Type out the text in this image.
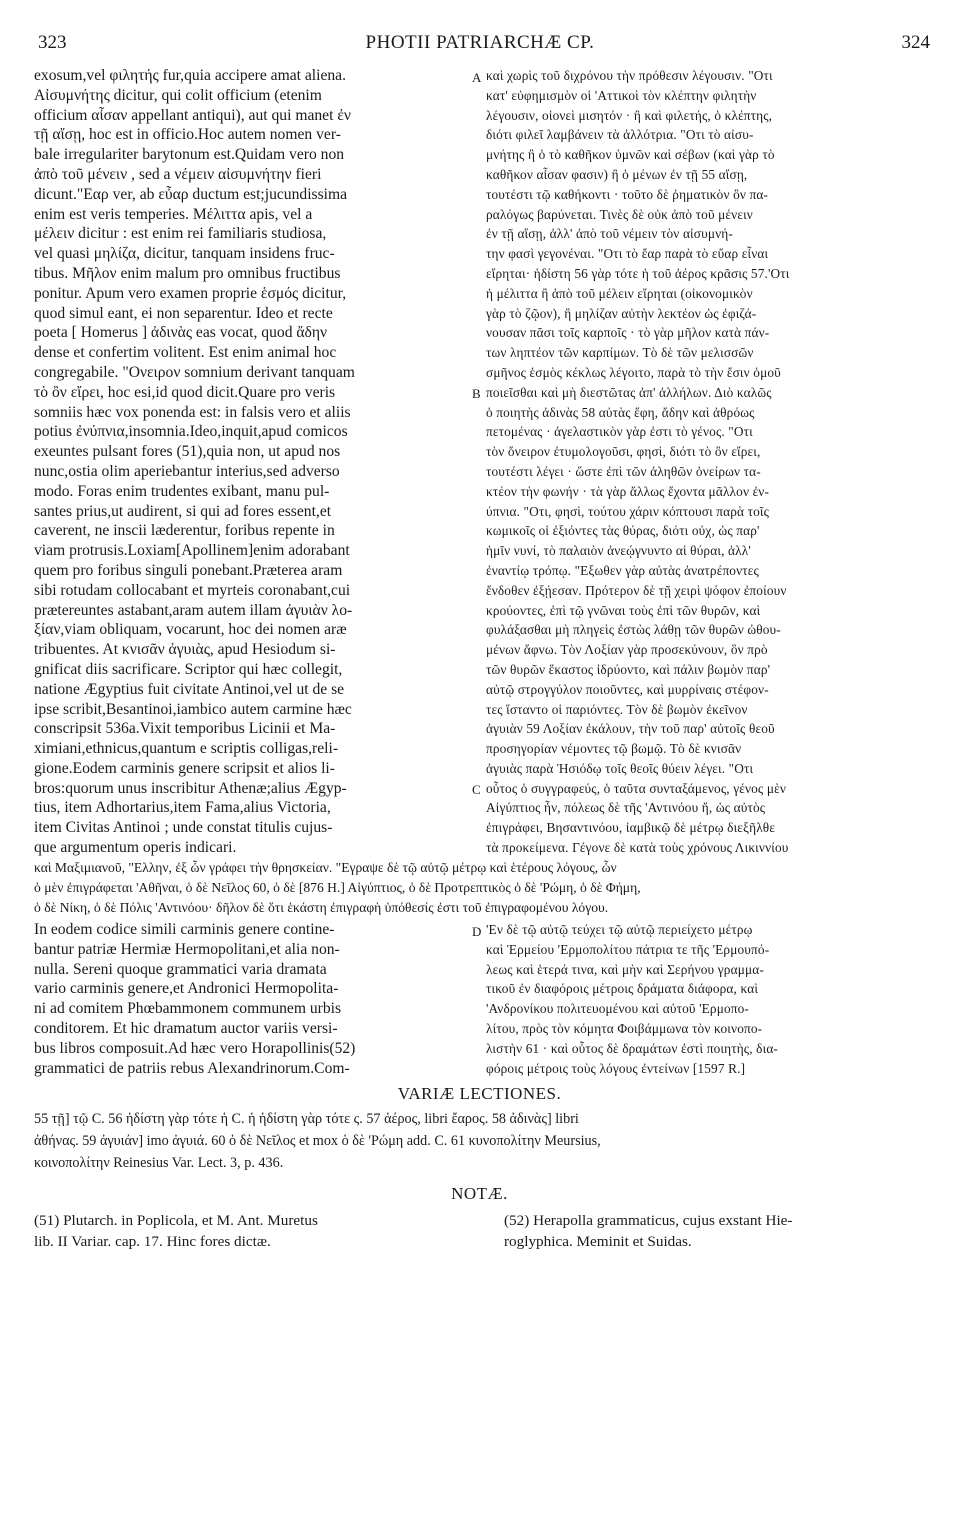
323	PHOTII PATRIARCHÆ CP.	324
exosum,vel φιλητής fur,quia accipere amat aliena.
Αἰσυμνήτης dicitur, qui colit officium (etenim
officium αἶσαν appellant antiqui), aut qui manet ἐν
τῇ αἴσῃ, hoc est in officio.Hoc autem nomen ver-
bale irregulariter barytonum est.Quidam vero non
ἀπὸ τοῦ μένειν , sed a νέμειν αἰσυμνήτην fieri
dicunt."Εαρ ver, ab εὖαρ ductum est;jucundissima
enim est veris temperies. Μέλιττα apis, vel a
μέλειν dicitur : est enim rei familiaris studiosa,
vel quasi μηλίζα, dicitur, tanquam insidens fruc-
tibus. Μῆλον enim malum pro omnibus fructibus
ponitur. Apum vero examen proprie ἑσμός dicitur,
quod simul eant, ei non separentur. Ideo et recte
poeta [ Homerus ] ἀδινὰς eas vocat, quod ἄδην
dense et confertim volitent. Est enim animal hoc
congregabile. "Ονειρον somnium derivant tanquam
τὸ ὂν εἴρει, hoc esi,id quod dicit.Quare pro veris
somniis hæc vox ponenda est: in falsis vero et aliis
potius ἐνύπνια,insomnia.Ideo,inquit,apud comicos
exeuntes pulsant fores (51),quia non, ut apud nos
nunc,ostia olim aperiebantur interius,sed adverso
modo. Foras enim trudentes exibant, manu pul-
santes prius,ut audirent, si qui ad fores essent,et
caverent, ne inscii læderentur, foribus repente in
viam protrusis.Loxiam[Apollinem]enim adorabant
quem pro foribus singuli ponebant.Præterea aram
sibi rotudam collocabant et myrteis coronabant,cui
prætereuntes astabant,aram autem illam ἀγυιὰν λο-
ξίαν,viam obliquam, vocarunt, hoc dei nomen aræ
tribuentes. At κνισᾶν ἀγυιὰς, apud Hesiodum si-
gnificat diis sacrificare. Scriptor qui hæc collegit,
natione Ægyptius fuit civitate Antinoi,vel ut de se
ipse scribit,Besantinoi,iambico autem carmine hæc
conscripsit 536a.Vixit temporibus Licinii et Ma-
ximiani,ethnicus,quantum e scriptis colligas,reli-
gione.Eodem carminis genere scripsit et alios li-
bros:quorum unus inscribitur Athenæ;alius Ægyp-
tius, item Adhortarius,item Fama,alius Victoria,
item Civitas Antinoi ; unde constat titulis cujus-
que argumentum operis indicari.
καὶ χωρὶς τοῦ διχρόνου τὴν πρόθεσιν λέγουσιν. "Οτι
κατ' εὐφημισμὸν οἱ 'Αττικοὶ τὸν κλέπτην φιλητὴν
λέγουσιν, οἱονεὶ μισητόν · ἢ καὶ φιλετής, ὁ κλέπτης,
διότι φιλεῖ λαμβάνειν τὰ ἀλλότρια. "Οτι τὸ αἰσυ-
μνήτης ἢ ὁ τὸ καθῆκον ὑμνῶν καὶ σέβων (καὶ γὰρ τὸ
καθῆκον αἶσαν φασιν) ἢ ὁ μένων ἐν τῇ 55 αἴσῃ,
τουτέστι τῷ καθήκοντι · τοῦτο δὲ ῥηματικὸν ὂν πα-
ραλόγως βαρύνεται. Τινὲς δὲ οὐκ ἀπὸ τοῦ μένειν
ἐν τῇ αἴσῃ, ἀλλ' ἀπὸ τοῦ νέμειν τὸν αἰσυμνή-
την φασὶ γεγονέναι. "Οτι τὸ ἔαρ παρὰ τὸ εὔαρ εἶναι
εἴρηται· ἡδίστη 56 γὰρ τότε ἡ τοῦ ἀέρος κρᾶσις 57.'Οτι
ἡ μέλιττα ἢ ἀπὸ τοῦ μέλειν εἴρηται (οἰκονομικὸν
γὰρ τὸ ζῷον), ἢ μηλίζαν αὐτὴν λεκτέον ὡς ἐφιζά-
νουσαν πᾶσι τοῖς καρποῖς · τὸ γὰρ μῆλον κατὰ πάν-
των ληπτέον τῶν καρπίμων. Τὸ δὲ τῶν μελισσῶν
σμῆνος ἑσμὸς κέκλως λέγοιτο, παρὰ τὸ τὴν ἔσιν ὁμοῦ
ποιεῖσθαι καὶ μὴ διεστῶτας ἀπ' ἀλλήλων. Διὸ καλῶς
ὁ ποιητὴς ἀδινὰς 58 αὐτὰς ἔφη, ἄδην καὶ ἀθρόως
πετομένας · ἀγελαστικὸν γὰρ ἐστι τὸ γένος. "Οτι
τὸν ὄνειρον ἐτυμολογοῦσι, φησὶ, διότι τὸ ὂν εἴρει,
τουτέστι λέγει · ὥστε ἐπὶ τῶν ἀληθῶν ὀνείρων τα-
κτέον τὴν φωνήν · τὰ γὰρ ἄλλως ἔχοντα μᾶλλον ἐν-
ύπνια. "Οτι, φησὶ, τούτου χάριν κόπτουσι παρὰ τοῖς
κωμικοῖς οἱ ἐξιόντες τὰς θύρας, διότι οὐχ, ὡς παρ'
ἡμῖν νυνί, τὸ παλαιὸν ἀνεῴγνυντο αἱ θύραι, ἀλλ'
ἐναντίῳ τρόπῳ. "Εξωθεν γὰρ αὐτὰς ἀνατρέποντες
ἔνδοθεν ἐξῄεσαν. Πρότερον δὲ τῇ χειρὶ ψόφον ἐποίουν
κρούοντες, ἐπὶ τῷ γνῶναι τοὺς ἐπὶ τῶν θυρῶν, καὶ
φυλάξασθαι μὴ πληγεὶς ἐστὼς λάθῃ τῶν θυρῶν ὠθου-
μένων ἄφνω. Τὸν Λοξίαν γὰρ προσεκύνουν, ὃν πρὸ
τῶν θυρῶν ἕκαστος ἱδρύοντο, καὶ πάλιν βωμὸν παρ'
αὐτῷ στρογγύλον ποιοῦντες, καὶ μυρρίναις στέφον-
τες ἵσταντο οἱ παριόντες. Τὸν δὲ βωμὸν ἐκεῖνον
ἀγυιὰν 59 Λοξίαν ἐκάλουν, τὴν τοῦ παρ' αὐτοῖς θεοῦ
προσηγορίαν νέμοντες τῷ βωμῷ. Τὸ δὲ κνισᾶν
ἀγυιὰς παρὰ Ἡσιόδῳ τοῖς θεοῖς θύειν λέγει. "Οτι
οὗτος ὁ συγγραφεύς, ὁ ταῦτα συνταξάμενος, γένος μὲν
Αἰγύπτιος ἦν, πόλεως δὲ τῆς 'Αντινόου ἤ, ὡς αὐτὸς
ἐπιγράφει, Βησαντινόου, ἰαμβικῷ δὲ μέτρῳ διεξῆλθε
τὰ προκείμενα. Γέγονε δὲ κατὰ τοὺς χρόνους Λικιννίου
A
B
C
D
καὶ Μαξιμιανοῦ, "Ελλην, ἐξ ὧν γράφει τὴν θρησκείαν. "Εγραψε δὲ τῷ αὐτῷ μέτρῳ καὶ ἑτέρους λόγους, ὧν
ὁ μὲν ἐπιγράφεται 'Αθῆναι, ὁ δὲ Νεῖλος 60, ὁ δὲ [876 H.] Αἰγύπτιος, ὁ δὲ Προτρεπτικὸς ὁ δὲ 'Ρώμη, ὁ δὲ Φήμη,
ὁ δὲ Νίκη, ὁ δὲ Πόλις 'Αντινόου· δῆλον δὲ ὅτι ἑκάστη ἐπιγραφὴ ὑπόθεσίς ἐστι τοῦ ἐπιγραφομένου λόγου.
In eodem codice simili carminis genere contine-
bantur patriæ Hermiæ Hermopolitani,et alia non-
nulla. Sereni quoque grammatici varia dramata
vario carminis genere,et Andronici Hermopolita-
ni ad comitem Phœbammonem communem urbis
conditorem. Et hic dramatum auctor variis versi-
bus libros composuit.Ad hæc vero Horapollinis(52)
grammatici de patriis rebus Alexandrinorum.Com-
'Εν δὲ τῷ αὐτῷ τεύχει τῷ αὐτῷ περιείχετο μέτρῳ
καὶ Ἑρμείου 'Ερμοπολίτου πάτρια τε τῆς 'Ερμουπό-
λεως καὶ ἑτερά τινα, καὶ μὴν καὶ Σερήνου γραμμα-
τικοῦ ἐν διαφόροις μέτροις δράματα διάφορα, καὶ
'Ανδρονίκου πολιτευομένου καὶ αὐτοῦ 'Ερμοπο-
λίτου, πρὸς τὸν κόμητα Φοιβάμμωνα τὸν κοινοπο-
λιστὴν 61 · καὶ οὗτος δὲ δραμάτων ἐστὶ ποιητὴς, δια-
φόροις μέτροις τοὺς λόγους ἐντείνων [1597 R.]
VARIÆ LECTIONES.
55 τῇ] τῷ C. 56 ἡδίστη γὰρ τότε ἡ C. ἡ ἡδίστη γὰρ τότε ς. 57 ἀέρος, libri ἔαρος. 58 ἀδινὰς] libri
ἀθήνας. 59 ἀγυιάν] imo ἀγυιά. 60 ὁ δὲ Νεῖλος et mox ὁ δὲ 'Ρώμη add. C. 61 κυνοπολίτην Meursius,
κοινοπολίτην Reinesius Var. Lect. 3, p. 436.
NOTÆ.
(51) Plutarch. in Poplicola, et M. Ant. Muretus
lib. II Variar. cap. 17. Hinc fores dictæ.
(52) Herapolla grammaticus, cujus exstant Hie-
roglyphica. Meminit et Suidas.
